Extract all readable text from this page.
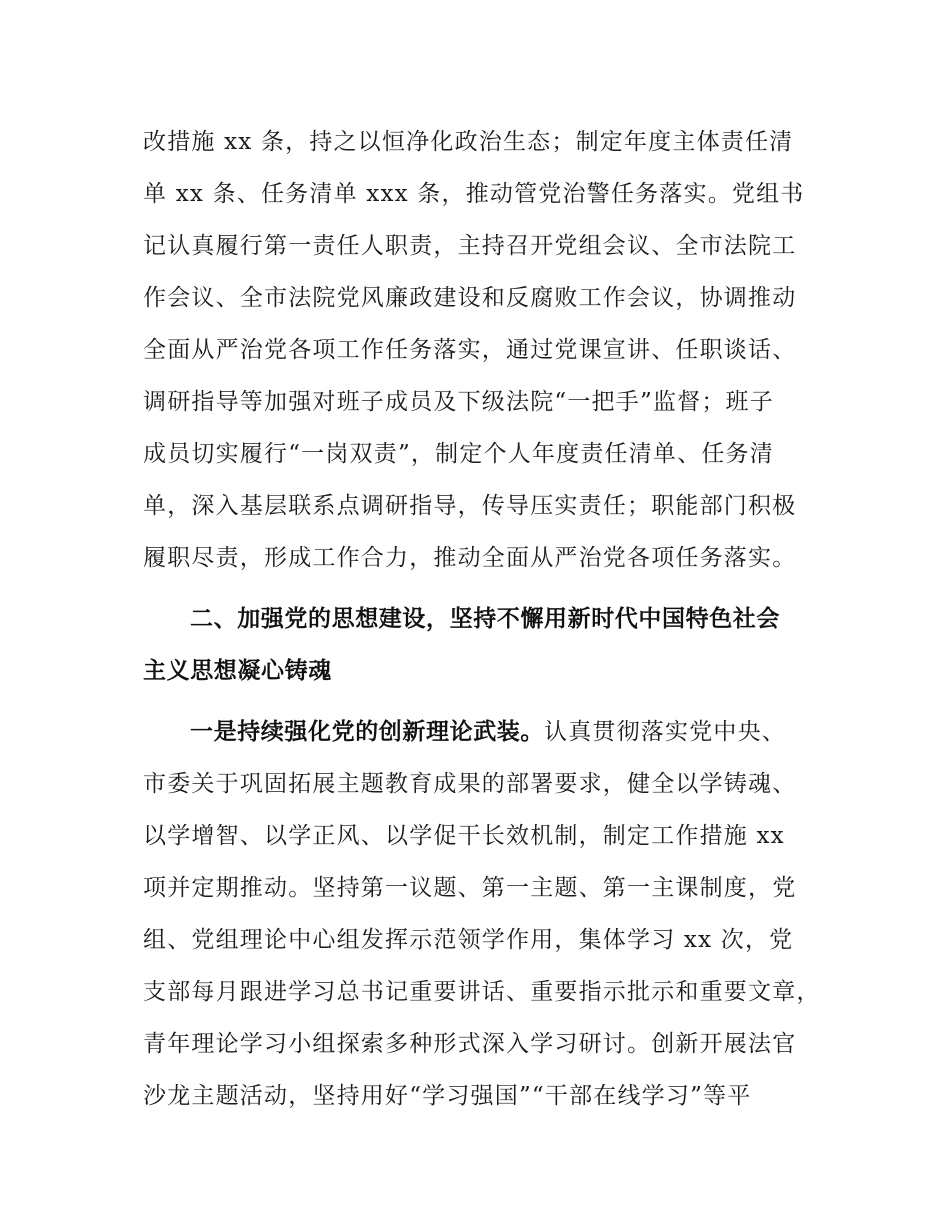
改措施 xx 条，持之以恒净化政治生态；制定年度主体责任清
单 xx 条、任务清单 xxx 条，推动管党治警任务落实。党组书
记认真履行第一责任人职责，主持召开党组会议、全市法院工
作会议、全市法院党风廉政建设和反腐败工作会议，协调推动
全面从严治党各项工作任务落实，通过党课宣讲、任职谈话、
调研指导等加强对班子成员及下级法院“一把手”监督；班子
成员切实履行“一岗双责”，制定个人年度责任清单、任务清
单，深入基层联系点调研指导，传导压实责任；职能部门积极
履职尽责，形成工作合力，推动全面从严治党各项任务落实。
二、加强党的思想建设，坚持不懈用新时代中国特色社会
主义思想凝心铸魂
一是持续强化党的创新理论武装。认真贯彻落实党中央、
市委关于巩固拓展主题教育成果的部署要求，健全以学铸魂、
以学增智、以学正风、以学促干长效机制，制定工作措施 xx
项并定期推动。坚持第一议题、第一主题、第一主课制度，党
组、党组理论中心组发挥示范领学作用，集体学习 xx 次，党
支部每月跟进学习总书记重要讲话、重要指示批示和重要文章，
青年理论学习小组探索多种形式深入学习研讨。创新开展法官
沙龙主题活动，坚持用好“学习强国”“干部在线学习”等平
